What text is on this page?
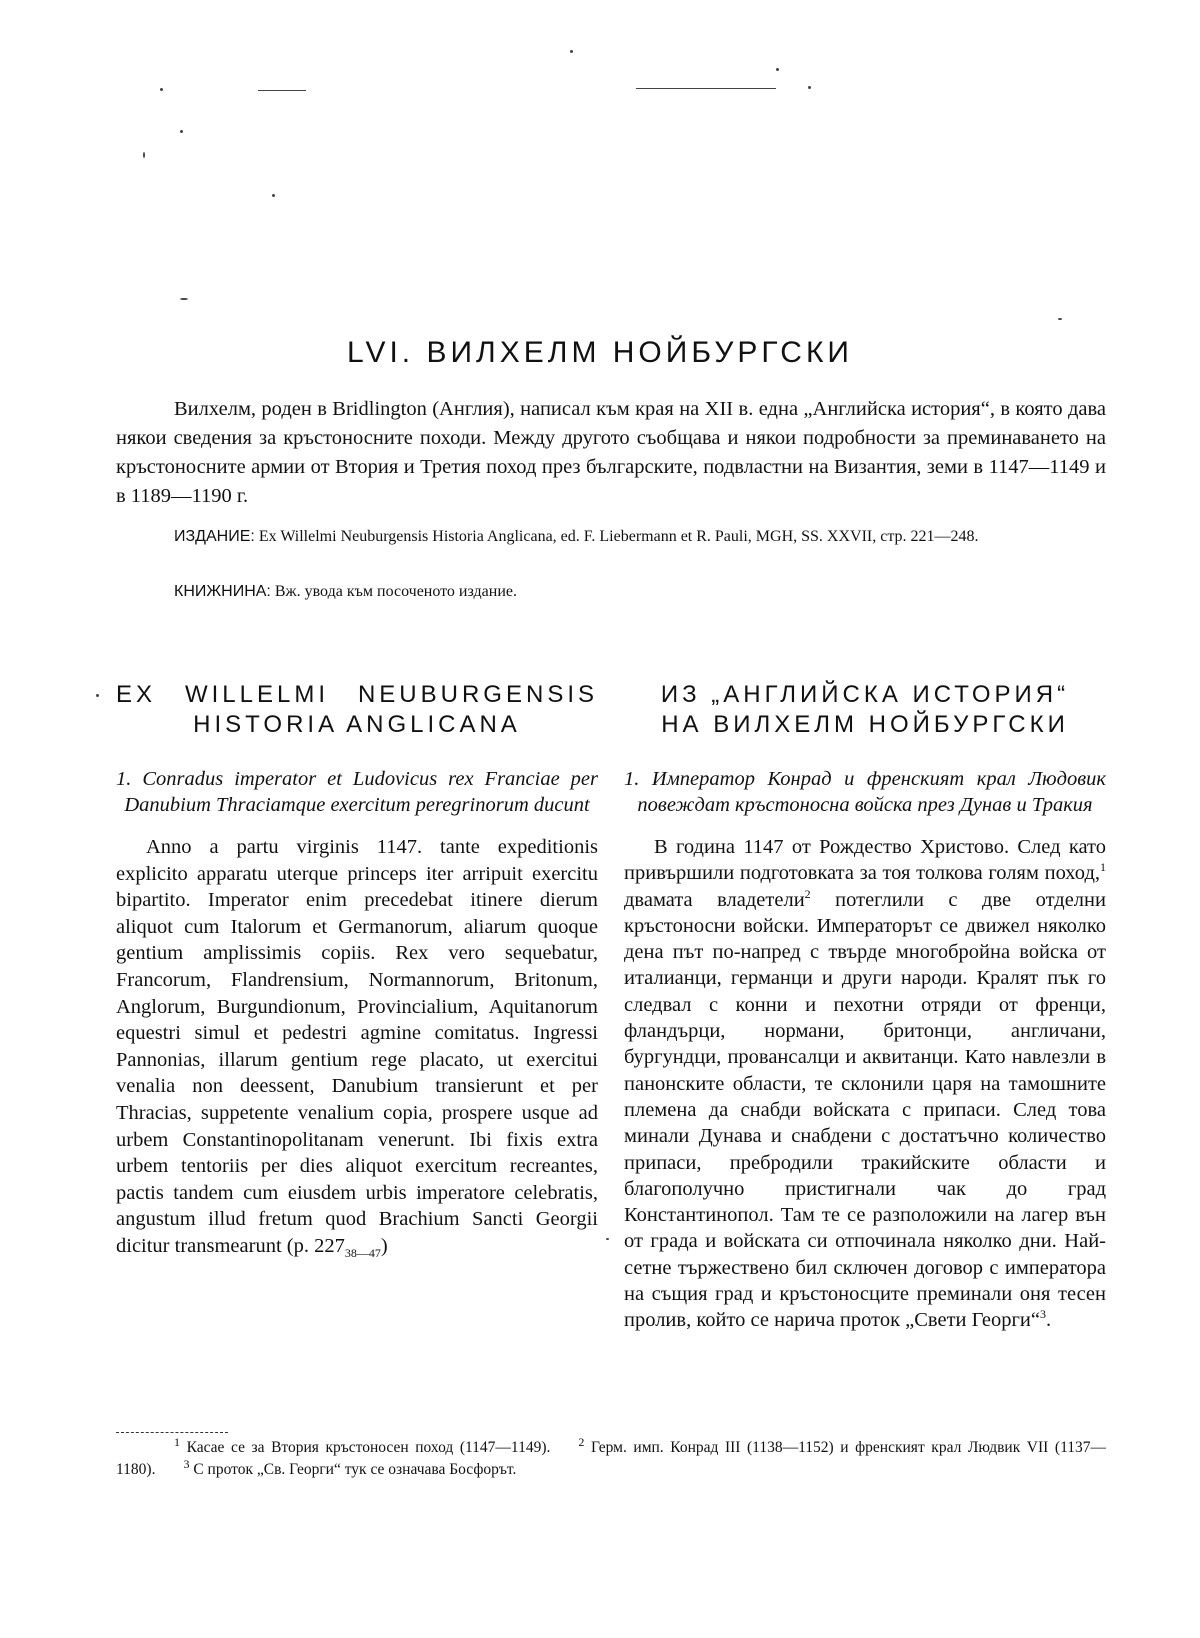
LVI. ВИЛХЕЛМ НОЙБУРГСКИ

Вилхелм, роден в Bridlington (Англия), написал към края на XII в. една „Английска история“, в която дава някои сведения за кръстоносните походи. Между другото съобщава и някои подробности за преминаването на кръстоносните армии от Втория и Третия поход през българските, подвластни на Византия, земи в 1147—1149 и в 1189—1190 г.

ИЗДАНИЕ: Ex Willelmi Neuburgensis Historia Anglicana, ed. F. Liebermann et R. Pauli, MGH, SS. XXVII, стр. 221—248.

КНИЖНИНА: Вж. увода към посоченото издание.

EX WILLELMI NEUBURGENSIS
HISTORIA ANGLICANA

1. Conradus imperator et Ludovicus rex Franciae per Danubium Thraciamque exercitum peregrinorum ducunt

Anno a partu virginis 1147. tante expeditionis explicito apparatu uterque princeps iter arripuit exercitu bipartito. Imperator enim precedebat itinere dierum aliquot cum Italorum et Germanorum, aliarum quoque gentium amplissimis copiis. Rex vero sequebatur, Francorum, Flandrensium, Normannorum, Britonum, Anglorum, Burgundionum, Provincialium, Aquitanorum equestri simul et pedestri agmine comitatus. Ingressi Pannonias, illarum gentium rege placato, ut exercitui venalia non deessent, Danubium transierunt et per Thracias, suppetente venalium copia, prospere usque ad urbem Constantinopolitanam venerunt. Ibi fixis extra urbem tentoriis per dies aliquot exercitum recreantes, pactis tandem cum eiusdem urbis imperatore celebratis, angustum illud fretum quod Brachium Sancti Georgii dicitur transmearunt (p. $227_{38—47}$)

ИЗ „АНГЛИЙСКА ИСТОРИЯ“
НА ВИЛХЕЛМ НОЙБУРГСКИ

1. Император Конрад и френският крал Людовик повеждат кръстоносна войска през Дунав и Тракия

В година 1147 от Рождество Христово. След като привършили подготовката за тоя толкова голям поход,$^1$ двамата владетели$^2$ потеглили с две отделни кръстоносни войски. Императорът се движел няколко дена път по-напред с твърде многобройна войска от италианци, германци и други народи. Кралят пък го следвал с конни и пехотни отряди от френци, фландърци, нормани, бритонци, англичани, бургундци, провансалци и аквитанци. Като навлезли в панонските области, те склонили царя на тамошните племена да снабди войската с припаси. След това минали Дунава и снабдени с достатъчно количество припаси, пребродили тракийските области и благополучно пристигнали чак до град Константинопол. Там те се разположили на лагер вън от града и войската си отпочинала няколко дни. Най-сетне тържествено бил сключен договор с императора на същия град и кръстоносците преминали оня тесен пролив, който се нарича проток „Свети Георги“$^3$.

$^1$ Касае се за Втория кръстоносен поход (1147—1149). $^2$ Герм. имп. Конрад III (1138—1152) и френският крал Людвик VII (1137—1180). $^3$ С проток „Св. Георги“ тук се означава Босфорът.
